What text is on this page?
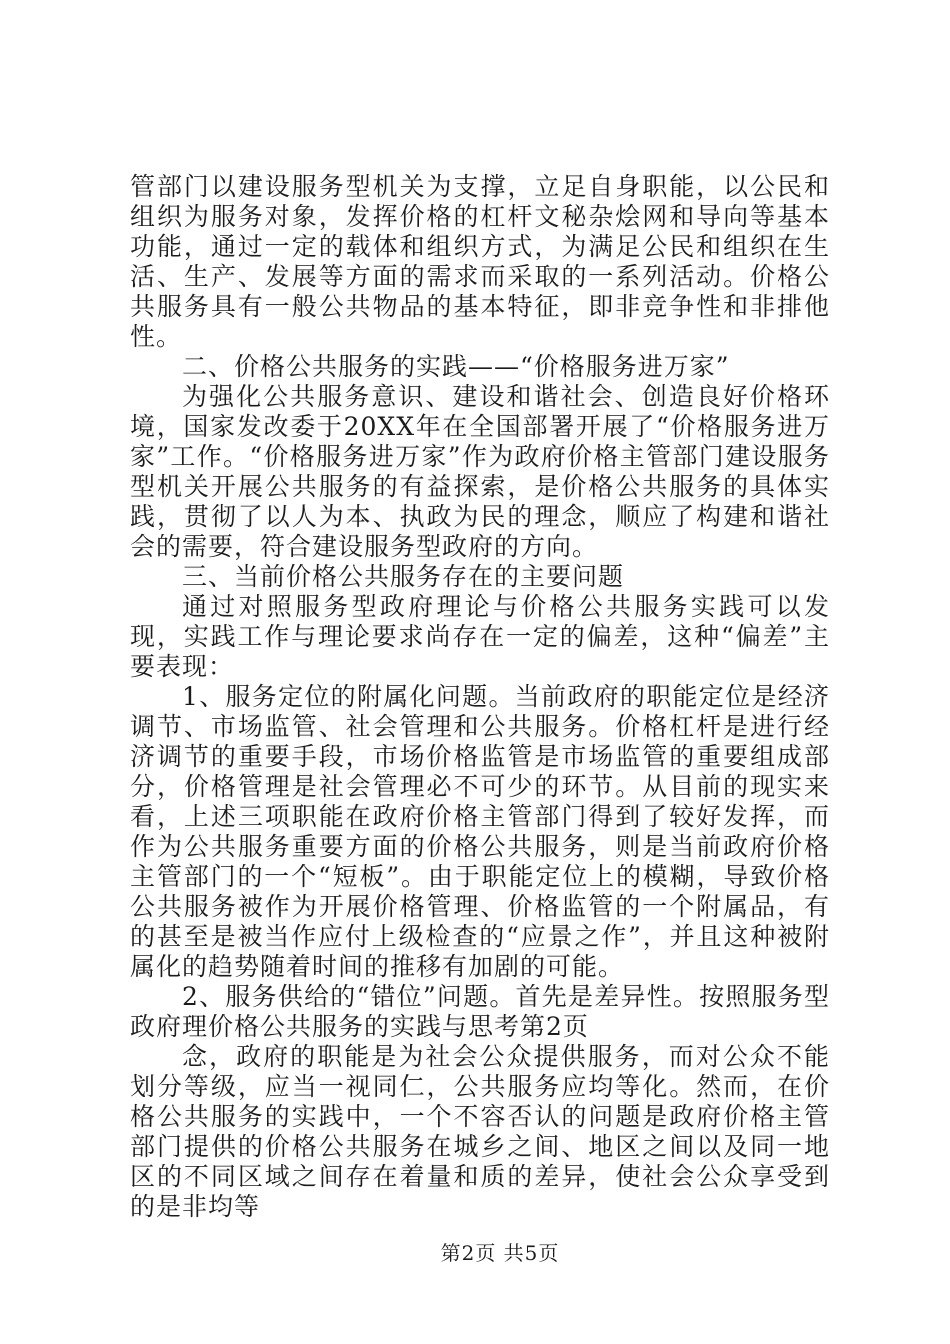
管部门以建设服务型机关为支撑，立足自身职能，以公民和组织为服务对象，发挥价格的杠杆文秘杂烩网和导向等基本功能，通过一定的载体和组织方式，为满足公民和组织在生活、生产、发展等方面的需求而采取的一系列活动。价格公共服务具有一般公共物品的基本特征，即非竞争性和非排他性。

二、价格公共服务的实践——“价格服务进万家”

为强化公共服务意识、建设和谐社会、创造良好价格环境，国家发改委于20XX年在全国部署开展了“价格服务进万家”工作。“价格服务进万家”作为政府价格主管部门建设服务型机关开展公共服务的有益探索，是价格公共服务的具体实践，贯彻了以人为本、执政为民的理念，顺应了构建和谐社会的需要，符合建设服务型政府的方向。

三、当前价格公共服务存在的主要问题

通过对照服务型政府理论与价格公共服务实践可以发现，实践工作与理论要求尚存在一定的偏差，这种“偏差”主要表现：

1、服务定位的附属化问题。当前政府的职能定位是经济调节、市场监管、社会管理和公共服务。价格杠杆是进行经济调节的重要手段，市场价格监管是市场监管的重要组成部分，价格管理是社会管理必不可少的环节。从目前的现实来看，上述三项职能在政府价格主管部门得到了较好发挥，而作为公共服务重要方面的价格公共服务，则是当前政府价格主管部门的一个“短板”。由于职能定位上的模糊，导致价格公共服务被作为开展价格管理、价格监管的一个附属品，有的甚至是被当作应付上级检查的“应景之作”，并且这种被附属化的趋势随着时间的推移有加剧的可能。

2、服务供给的“错位”问题。首先是差异性。按照服务型政府理价格公共服务的实践与思考第2页

念，政府的职能是为社会公众提供服务，而对公众不能划分等级，应当一视同仁，公共服务应均等化。然而，在价格公共服务的实践中，一个不容否认的问题是政府价格主管部门提供的价格公共服务在城乡之间、地区之间以及同一地区的不同区域之间存在着量和质的差异，使社会公众享受到的是非均等

第2页 共5页
